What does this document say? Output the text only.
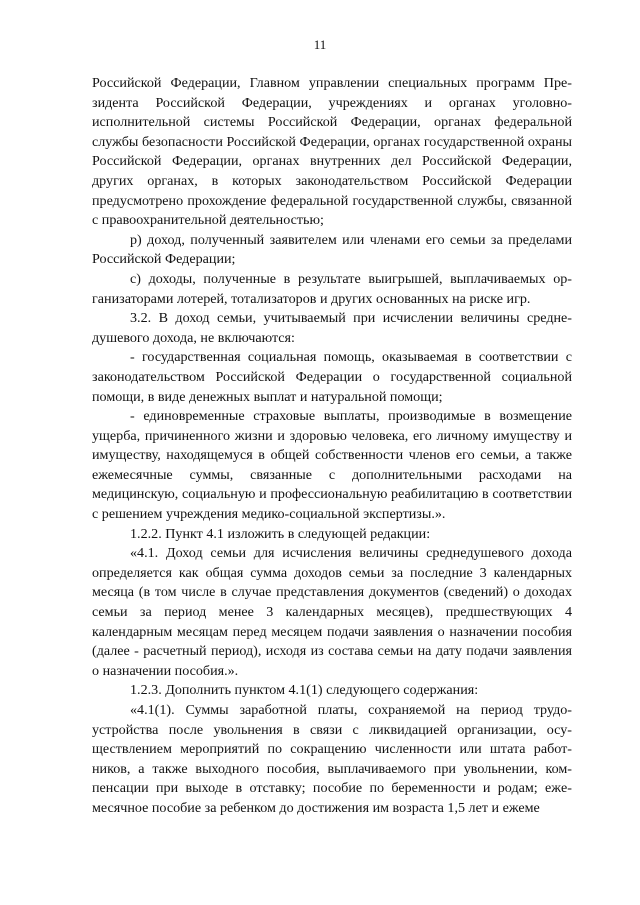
11

Российской Федерации, Главном управлении специальных программ Президента Российской Федерации, учреждениях и органах уголовно-исполнительной системы Российской Федерации, органах федеральной службы безопасности Российской Федерации, органах государственной охраны Российской Федерации, органах внутренних дел Российской Федерации, других органах, в которых законодательством Российской Федерации предусмотрено прохождение федеральной государственной службы, связанной с правоохранительной деятельностью;

р) доход, полученный заявителем или членами его семьи за пределами Российской Федерации;

с) доходы, полученные в результате выигрышей, выплачиваемых организаторами лотерей, тотализаторов и других основанных на риске игр.

3.2. В доход семьи, учитываемый при исчислении величины среднедушевого дохода, не включаются:

- государственная социальная помощь, оказываемая в соответствии с законодательством Российской Федерации о государственной социальной помощи, в виде денежных выплат и натуральной помощи;

- единовременные страховые выплаты, производимые в возмещение ущерба, причиненного жизни и здоровью человека, его личному имуществу и имуществу, находящемуся в общей собственности членов его семьи, а также ежемесячные суммы, связанные с дополнительными расходами на медицинскую, социальную и профессиональную реабилитацию в соответствии с решением учреждения медико-социальной экспертизы.».

1.2.2. Пункт 4.1 изложить в следующей редакции:

«4.1. Доход семьи для исчисления величины среднедушевого дохода определяется как общая сумма доходов семьи за последние 3 календарных месяца (в том числе в случае представления документов (сведений) о доходах семьи за период менее 3 календарных месяцев), предшествующих 4 календарным месяцам перед месяцем подачи заявления о назначении пособия (далее - расчетный период), исходя из состава семьи на дату подачи заявления о назначении пособия.».

1.2.3. Дополнить пунктом 4.1(1) следующего содержания:

«4.1(1). Суммы заработной платы, сохраняемой на период трудоустройства после увольнения в связи с ликвидацией организации, осуществлением мероприятий по сокращению численности или штата работников, а также выходного пособия, выплачиваемого при увольнении, компенсации при выходе в отставку; пособие по беременности и родам; ежeмесячное пособие за ребенком до достижения им возраста 1,5 лет и ежеме
